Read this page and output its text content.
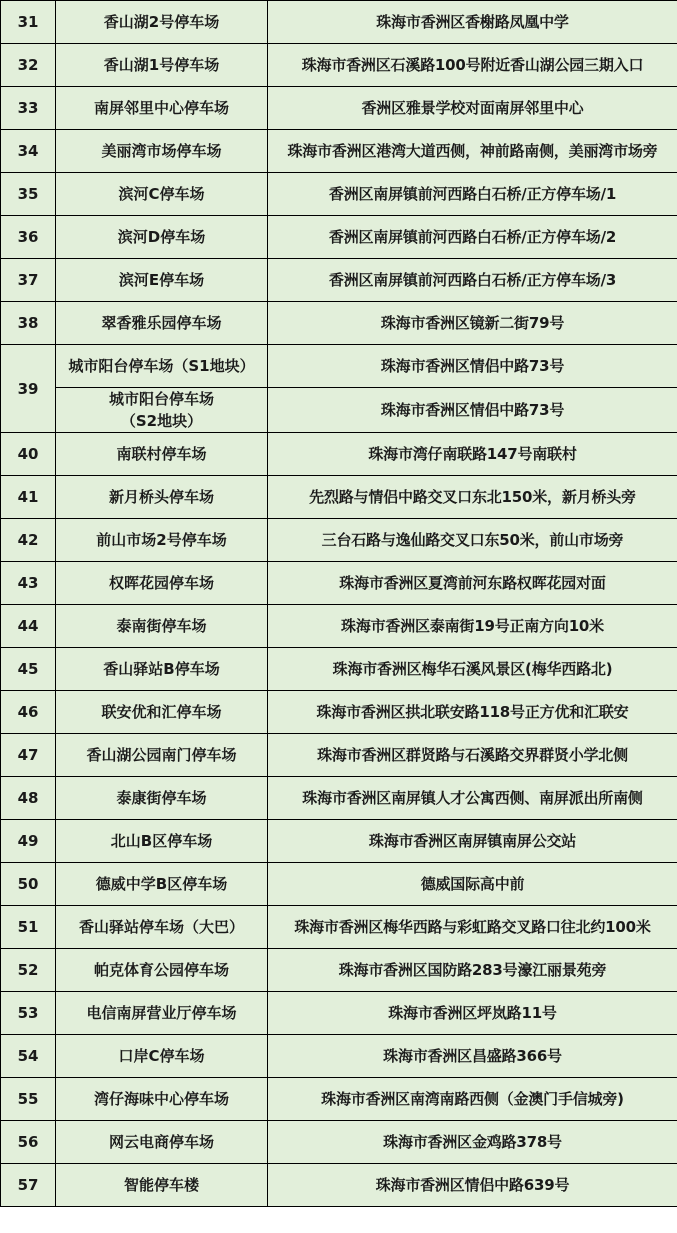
31	香山湖2号停车场	珠海市香洲区香榭路凤凰中学
32	香山湖1号停车场	珠海市香洲区石溪路100号附近香山湖公园三期入口
33	南屏邻里中心停车场	香洲区雅景学校对面南屏邻里中心
34	美丽湾市场停车场	珠海市香洲区港湾大道西侧，神前路南侧，美丽湾市场旁
35	滨河C停车场	香洲区南屏镇前河西路白石桥/正方停车场/1
36	滨河D停车场	香洲区南屏镇前河西路白石桥/正方停车场/2
37	滨河E停车场	香洲区南屏镇前河西路白石桥/正方停车场/3
38	翠香雅乐园停车场	珠海市香洲区镜新二街79号
39	城市阳台停车场（S1地块）	珠海市香洲区情侣中路73号
	城市阳台停车场（S2地块）	珠海市香洲区情侣中路73号
40	南联村停车场	珠海市湾仔南联路147号南联村
41	新月桥头停车场	先烈路与情侣中路交叉口东北150米，新月桥头旁
42	前山市场2号停车场	三台石路与逸仙路交叉口东50米，前山市场旁
43	权晖花园停车场	珠海市香洲区夏湾前河东路权晖花园对面
44	泰南街停车场	珠海市香洲区泰南街19号正南方向10米
45	香山驿站B停车场	珠海市香洲区梅华石溪风景区(梅华西路北)
46	联安优和汇停车场	珠海市香洲区拱北联安路118号正方优和汇联安
47	香山湖公园南门停车场	珠海市香洲区群贤路与石溪路交界群贤小学北侧
48	泰康街停车场	珠海市香洲区南屏镇人才公寓西侧、南屏派出所南侧
49	北山B区停车场	珠海市香洲区南屏镇南屏公交站
50	德威中学B区停车场	德威国际高中前
51	香山驿站停车场（大巴）	珠海市香洲区梅华西路与彩虹路交叉路口往北约100米
52	帕克体育公园停车场	珠海市香洲区国防路283号濠江丽景苑旁
53	电信南屏营业厅停车场	珠海市香洲区坪岚路11号
54	口岸C停车场	珠海市香洲区昌盛路366号
55	湾仔海味中心停车场	珠海市香洲区南湾南路西侧（金澳门手信城旁)
56	网云电商停车场	珠海市香洲区金鸡路378号
57	智能停车楼	珠海市香洲区情侣中路639号
